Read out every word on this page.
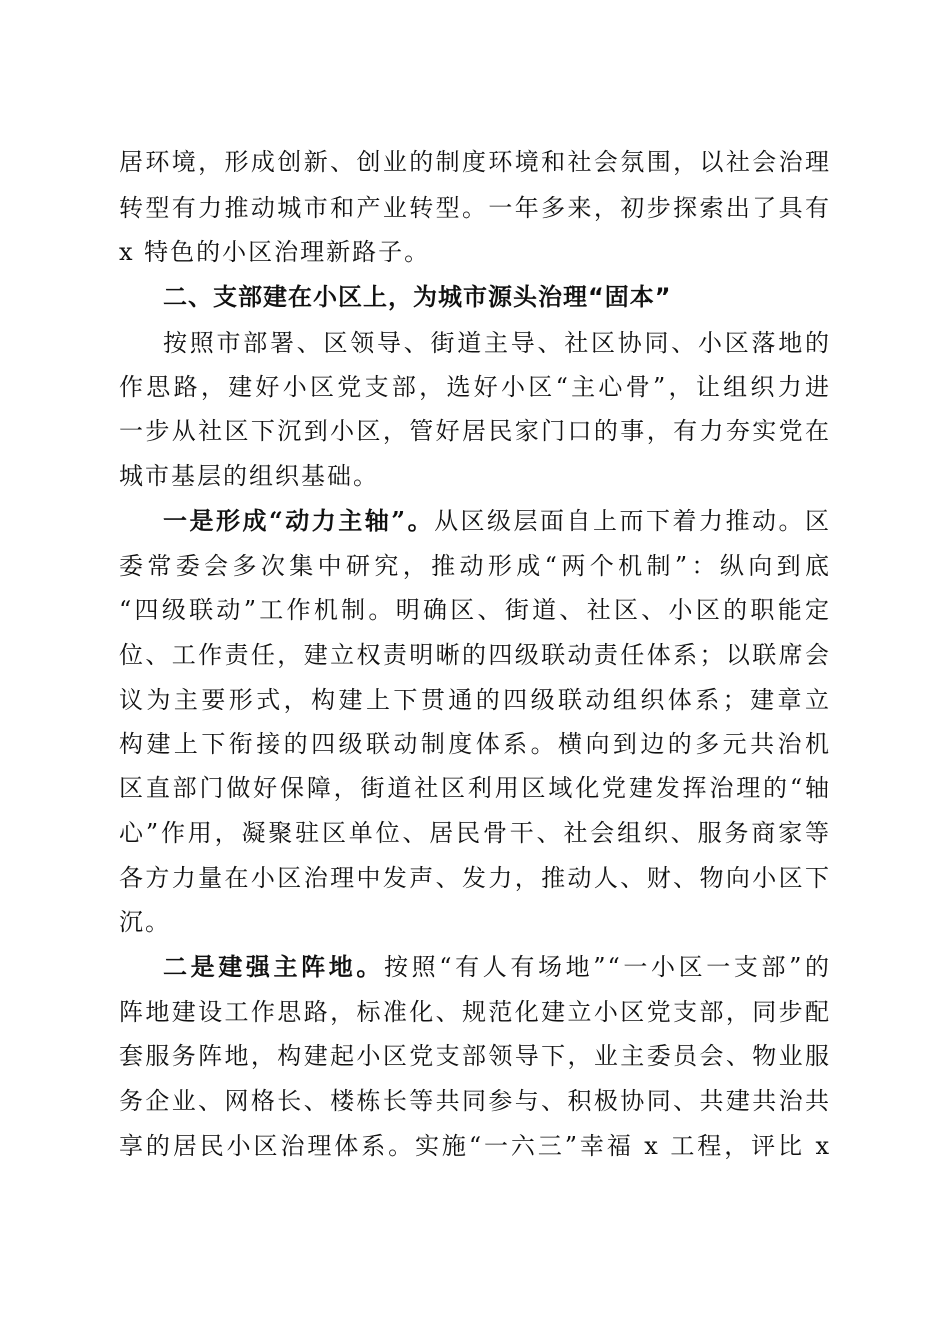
居环境，形成创新、创业的制度环境和社会氛围，以社会治理
转型有力推动城市和产业转型。一年多来，初步探索出了具有
x 特色的小区治理新路子。
二、支部建在小区上，为城市源头治理“固本”
按照市部署、区领导、街道主导、社区协同、小区落地的
作思路，建好小区党支部，选好小区“主心骨”，让组织力进
一步从社区下沉到小区，管好居民家门口的事，有力夯实党在
城市基层的组织基础。
一是形成“动力主轴”。从区级层面自上而下着力推动。区
委常委会多次集中研究，推动形成“两个机制”：纵向到底
“四级联动”工作机制。明确区、街道、社区、小区的职能定
位、工作责任，建立权责明晰的四级联动责任体系；以联席会
议为主要形式，构建上下贯通的四级联动组织体系；建章立
构建上下衔接的四级联动制度体系。横向到边的多元共治机
区直部门做好保障，街道社区利用区域化党建发挥治理的“轴
心”作用，凝聚驻区单位、居民骨干、社会组织、服务商家等
各方力量在小区治理中发声、发力，推动人、财、物向小区下
沉。
二是建强主阵地。按照“有人有场地”“一小区一支部”的
阵地建设工作思路，标准化、规范化建立小区党支部，同步配
套服务阵地，构建起小区党支部领导下，业主委员会、物业服
务企业、网格长、楼栋长等共同参与、积极协同、共建共治共
享的居民小区治理体系。实施“一六三”幸福 x 工程，评比 x
